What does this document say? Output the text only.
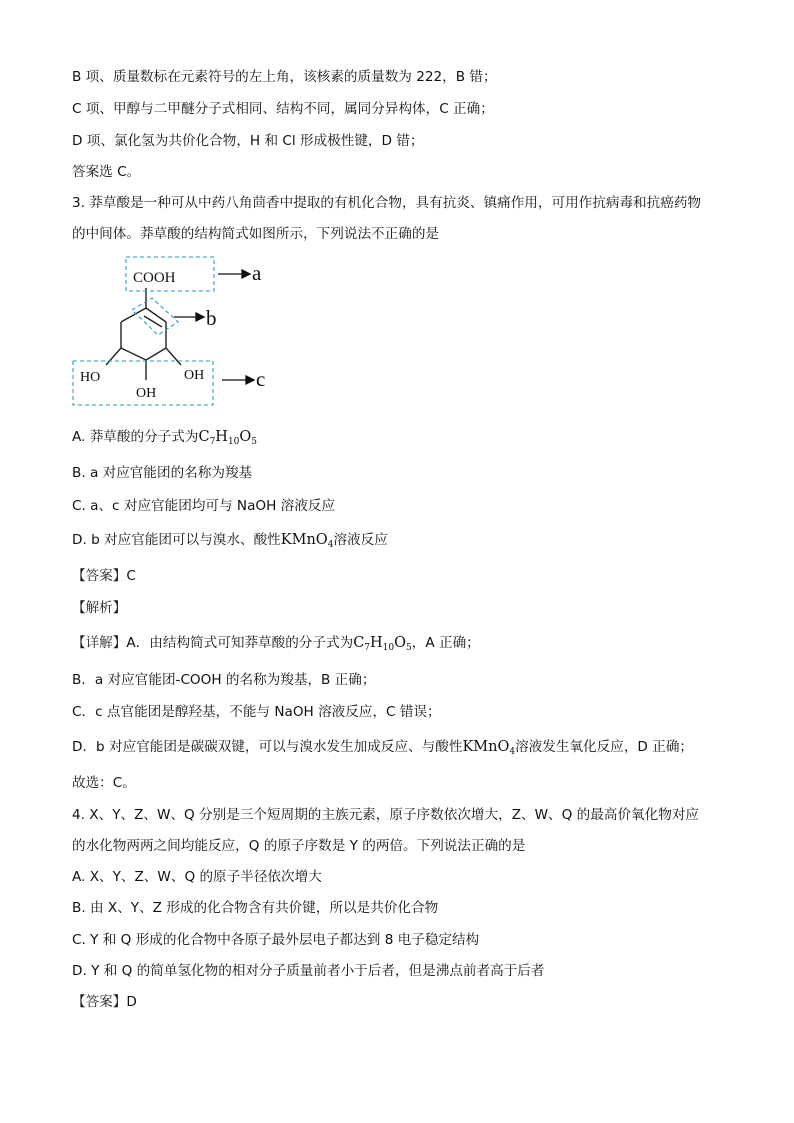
B 项、质量数标在元素符号的左上角，该核素的质量数为 222，B 错；
C 项、甲醇与二甲醚分子式相同、结构不同，属同分异构体，C 正确；
D 项、氯化氢为共价化合物，H 和 Cl 形成极性键，D 错；
答案选 C。
3. 莽草酸是一种可从中药八角茴香中提取的有机化合物，具有抗炎、镇痛作用，可用作抗病毒和抗癌药物
的中间体。莽草酸的结构简式如图所示，下列说法不正确的是
COOH
HO
OH
OH
a
b
c
A. 莽草酸的分子式为$C_7H_{10}O_5$
B. a 对应官能团的名称为羧基
C. a、c 对应官能团均可与 NaOH 溶液反应
D. b 对应官能团可以与溴水、酸性KMnO$_4$溶液反应
【答案】C
【解析】
【详解】A．由结构简式可知莽草酸的分子式为$C_7H_{10}O_5$，A 正确；
B．a 对应官能团-COOH 的名称为羧基，B 正确；
C．c 点官能团是醇羟基，不能与 NaOH 溶液反应，C 错误；
D．b 对应官能团是碳碳双键，可以与溴水发生加成反应、与酸性KMnO$_4$溶液发生氧化反应，D 正确；
故选：C。
4. X、Y、Z、W、Q 分别是三个短周期的主族元素，原子序数依次增大，Z、W、Q 的最高价氧化物对应
的水化物两两之间均能反应，Q 的原子序数是 Y 的两倍。下列说法正确的是
A. X、Y、Z、W、Q 的原子半径依次增大
B. 由 X、Y、Z 形成的化合物含有共价键，所以是共价化合物
C. Y 和 Q 形成的化合物中各原子最外层电子都达到 8 电子稳定结构
D. Y 和 Q 的简单氢化物的相对分子质量前者小于后者，但是沸点前者高于后者
【答案】D
